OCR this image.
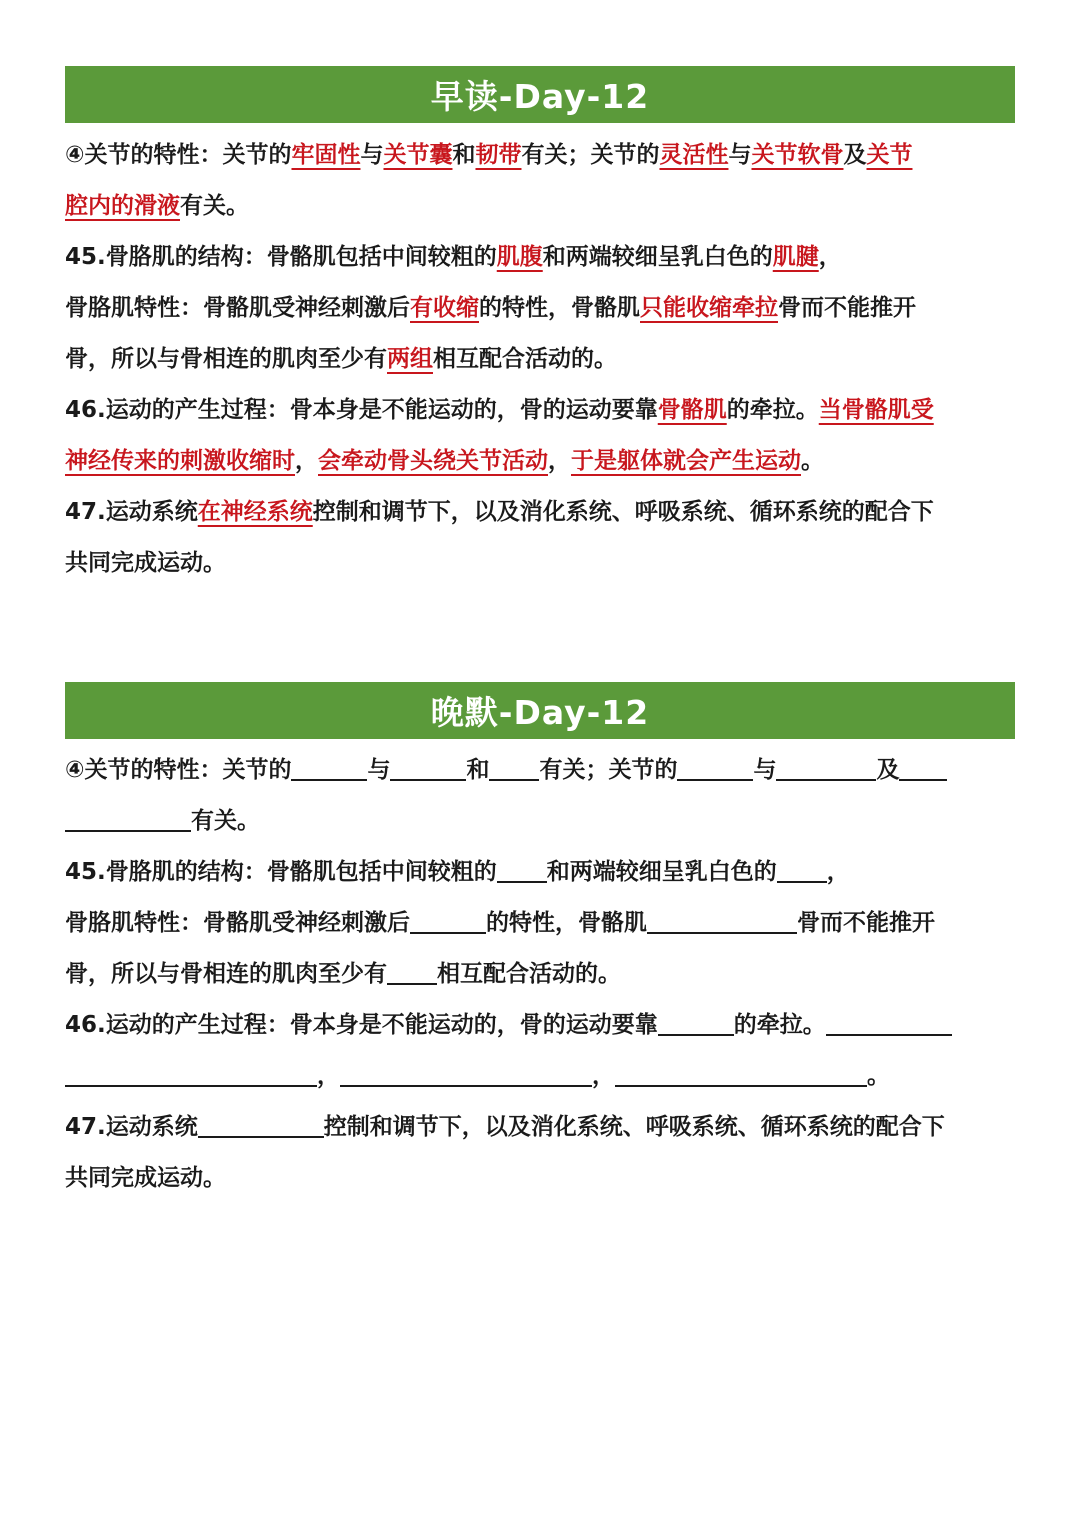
早读-Day-12
④关节的特性：关节的牢固性与关节囊和韧带有关；关节的灵活性与关节软骨及关节
腔内的滑液有关。
45.骨胳肌的结构：骨骼肌包括中间较粗的肌腹和两端较细呈乳白色的肌腱，
骨胳肌特性：骨骼肌受神经刺激后有收缩的特性，骨骼肌只能收缩牵拉骨而不能推开
骨，所以与骨相连的肌肉至少有两组相互配合活动的。
46.运动的产生过程：骨本身是不能运动的，骨的运动要靠骨骼肌的牵拉。当骨骼肌受
神经传来的刺激收缩时，会牵动骨头绕关节活动，于是躯体就会产生运动。
47.运动系统在神经系统控制和调节下，以及消化系统、呼吸系统、循环系统的配合下
共同完成运动。
晚默-Day-12
④关节的特性：关节的	与	和 有关；关节的	与	及
有关。
45.骨胳肌的结构：骨骼肌包括中间较粗的 和两端较细呈乳白色的 ，
骨胳肌特性：骨骼肌受神经刺激后	的特性，骨骼肌	骨而不能推开
骨，所以与骨相连的肌肉至少有 相互配合活动的。
46.运动的产生过程：骨本身是不能运动的，骨的运动要靠	的牵拉。
，	，	。
47.运动系统	控制和调节下，以及消化系统、呼吸系统、循环系统的配合下
共同完成运动。
